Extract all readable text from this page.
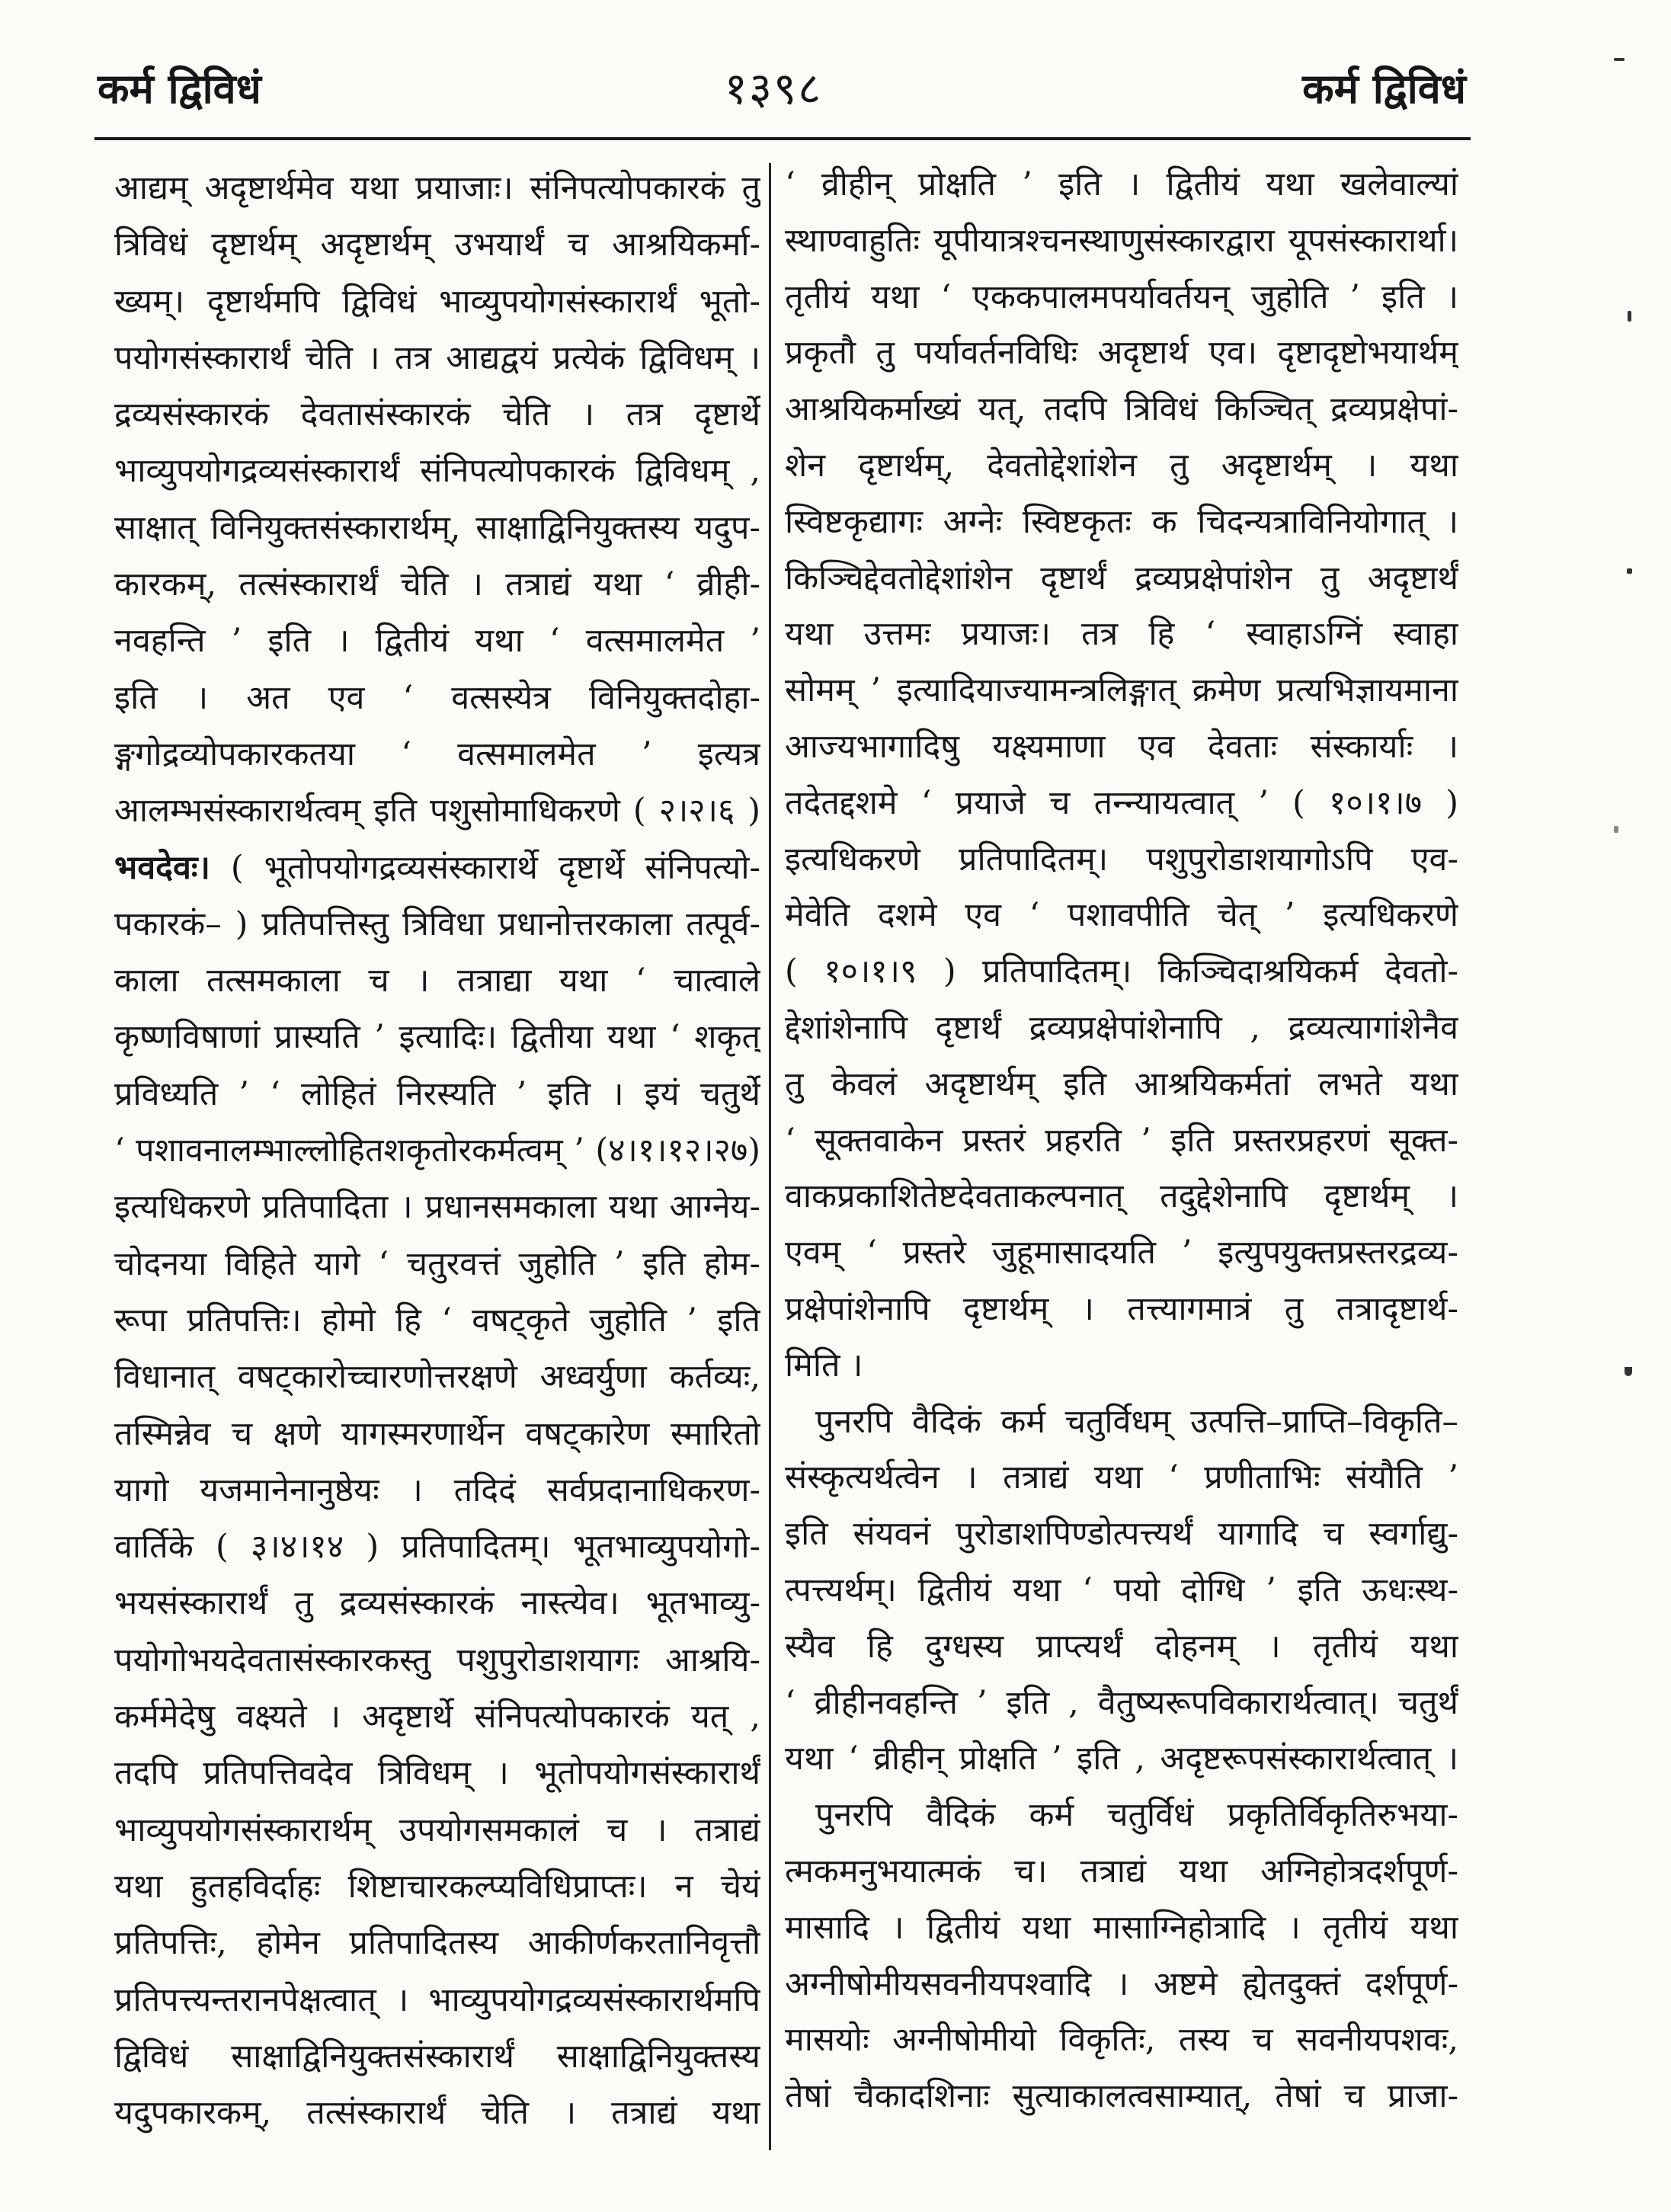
कर्म द्विविधं	१३९८	कर्म द्विविधं
आद्यम् अदृष्टार्थमेव यथा प्रयाजाः। संनिपत्योपकारकं तु
त्रिविधं दृष्टार्थम् अदृष्टार्थम् उभयार्थं च आश्रयिकर्मा-
ख्यम्। दृष्टार्थमपि द्विविधं भाव्युपयोगसंस्कारार्थं भूतो-
पयोगसंस्कारार्थं चेति । तत्र आद्यद्वयं प्रत्येकं द्विविधम् ।
द्रव्यसंस्कारकं देवतासंस्कारकं चेति । तत्र दृष्टार्थे
भाव्युपयोगद्रव्यसंस्कारार्थं संनिपत्योपकारकं द्विविधम् ,
साक्षात् विनियुक्तसंस्कारार्थम्, साक्षाद्विनियुक्तस्य यदुप-
कारकम्, तत्संस्कारार्थं चेति । तत्राद्यं यथा ‘ व्रीही-
नवहन्ति ’ इति । द्वितीयं यथा ‘ वत्समालमेत ’
इति । अत एव ‘ वत्सस्येत्र विनियुक्तदोहा-
ङ्गगोद्रव्योपकारकतया ‘ वत्समालमेत ’ इत्यत्र
आलम्भसंस्कारार्थत्वम् इति पशुसोमाधिकरणे ( २।२।६ )
भवदेवः। ( भूतोपयोगद्रव्यसंस्कारार्थे दृष्टार्थे संनिपत्यो-
पकारकं– ) प्रतिपत्तिस्तु त्रिविधा प्रधानोत्तरकाला तत्पूर्व-
काला तत्समकाला च । तत्राद्या यथा ‘ चात्वाले
कृष्णविषाणां प्रास्यति ’ इत्यादिः। द्वितीया यथा ‘ शकृत्
प्रविध्यति ’ ‘ लोहितं निरस्यति ’ इति । इयं चतुर्थे
‘ पशावनालम्भाल्लोहितशकृतोरकर्मत्वम् ’ (४।१।१२।२७)
इत्यधिकरणे प्रतिपादिता । प्रधानसमकाला यथा आग्नेय-
चोदनया विहिते यागे ‘ चतुरवत्तं जुहोति ’ इति होम-
रूपा प्रतिपत्तिः। होमो हि ‘ वषट्कृते जुहोति ’ इति
विधानात् वषट्कारोच्चारणोत्तरक्षणे अध्वर्युणा कर्तव्यः,
तस्मिन्नेव च क्षणे यागस्मरणार्थेन वषट्कारेण स्मारितो
यागो यजमानेनानुष्ठेयः । तदिदं सर्वप्रदानाधिकरण-
वार्तिके ( ३।४।१४ ) प्रतिपादितम्। भूतभाव्युपयोगो-
भयसंस्कारार्थं तु द्रव्यसंस्कारकं नास्त्येव। भूतभाव्यु-
पयोगोभयदेवतासंस्कारकस्तु पशुपुरोडाशयागः आश्रयि-
कर्ममेदेषु वक्ष्यते । अदृष्टार्थे संनिपत्योपकारकं यत् ,
तदपि प्रतिपत्तिवदेव त्रिविधम् । भूतोपयोगसंस्कारार्थं
भाव्युपयोगसंस्कारार्थम् उपयोगसमकालं च । तत्राद्यं
यथा हुतहविर्दाहः शिष्टाचारकल्प्यविधिप्राप्तः। न चेयं
प्रतिपत्तिः, होमेन प्रतिपादितस्य आकीर्णकरतानिवृत्तौ
प्रतिपत्त्यन्तरानपेक्षत्वात् । भाव्युपयोगद्रव्यसंस्कारार्थमपि
द्विविधं साक्षाद्विनियुक्तसंस्कारार्थं साक्षाद्विनियुक्तस्य
यदुपकारकम्, तत्संस्कारार्थं चेति । तत्राद्यं यथा
‘ व्रीहीन् प्रोक्षति ’ इति । द्वितीयं यथा खलेवाल्यां
स्थाण्वाहुतिः यूपीयात्रश्चनस्थाणुसंस्कारद्वारा यूपसंस्कारार्था।
तृतीयं यथा ‘ एककपालमपर्यावर्तयन् जुहोति ’ इति ।
प्रकृतौ तु पर्यावर्तनविधिः अदृष्टार्थ एव। दृष्टादृष्टोभयार्थम्
आश्रयिकर्माख्यं यत्, तदपि त्रिविधं किञ्चित् द्रव्यप्रक्षेपां-
शेन दृष्टार्थम्, देवतोद्देशांशेन तु अदृष्टार्थम् । यथा
स्विष्टकृद्यागः अग्नेः स्विष्टकृतः क चिदन्यत्राविनियोगात् ।
किञ्चिद्देवतोद्देशांशेन दृष्टार्थं द्रव्यप्रक्षेपांशेन तु अदृष्टार्थं
यथा उत्तमः प्रयाजः। तत्र हि ‘ स्वाहाऽग्निं स्वाहा
सोमम् ’ इत्यादियाज्यामन्त्रलिङ्गात् क्रमेण प्रत्यभिज्ञायमाना
आज्यभागादिषु यक्ष्यमाणा एव देवताः संस्कार्याः ।
तदेतद्दशमे ‘ प्रयाजे च तन्न्यायत्वात् ’ ( १०।१।७ )
इत्यधिकरणे प्रतिपादितम्। पशुपुरोडाशयागोऽपि एव-
मेवेति दशमे एव ‘ पशावपीति चेत् ’ इत्यधिकरणे
( १०।१।९ ) प्रतिपादितम्। किञ्चिदाश्रयिकर्म देवतो-
द्देशांशेनापि दृष्टार्थं द्रव्यप्रक्षेपांशेनापि , द्रव्यत्यागांशेनैव
तु केवलं अदृष्टार्थम् इति आश्रयिकर्मतां लभते यथा
‘ सूक्तवाकेन प्रस्तरं प्रहरति ’ इति प्रस्तरप्रहरणं सूक्त-
वाकप्रकाशितेष्टदेवताकल्पनात् तदुद्देशेनापि दृष्टार्थम् ।
एवम् ‘ प्रस्तरे जुहूमासादयति ’ इत्युपयुक्तप्रस्तरद्रव्य-
प्रक्षेपांशेनापि दृष्टार्थम् । तत्त्यागमात्रं तु तत्रादृष्टार्थ-
मिति ।
पुनरपि वैदिकं कर्म चतुर्विधम् उत्पत्ति–प्राप्ति–विकृति–
संस्कृत्यर्थत्वेन । तत्राद्यं यथा ‘ प्रणीताभिः संयौति ’
इति संयवनं पुरोडाशपिण्डोत्पत्त्यर्थं यागादि च स्वर्गाद्यु-
त्पत्त्यर्थम्। द्वितीयं यथा ‘ पयो दोग्धि ’ इति ऊधःस्थ-
स्यैव हि दुग्धस्य प्राप्त्यर्थं दोहनम् । तृतीयं यथा
‘ व्रीहीनवहन्ति ’ इति , वैतुष्यरूपविकारार्थत्वात्। चतुर्थं
यथा ‘ व्रीहीन् प्रोक्षति ’ इति , अदृष्टरूपसंस्कारार्थत्वात् ।
पुनरपि वैदिकं कर्म चतुर्विधं प्रकृतिर्विकृतिरुभया-
त्मकमनुभयात्मकं च। तत्राद्यं यथा अग्निहोत्रदर्शपूर्ण-
मासादि । द्वितीयं यथा मासाग्निहोत्रादि । तृतीयं यथा
अग्नीषोमीयसवनीयपश्वादि । अष्टमे ह्येतदुक्तं दर्शपूर्ण-
मासयोः अग्नीषोमीयो विकृतिः, तस्य च सवनीयपशवः,
तेषां चैकादशिनाः सुत्याकालत्वसाम्यात्, तेषां च प्राजा-
